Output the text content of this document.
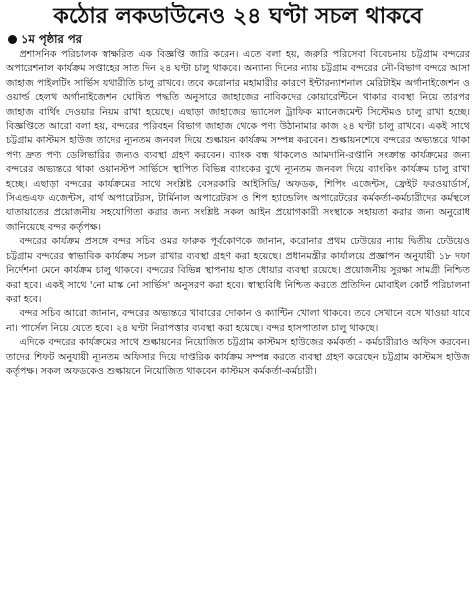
কঠোর লকডাউনেও ২৪ ঘণ্টা সচল থাকবে
১ম পৃষ্ঠার পর

প্রশাসনিক পরিচালক স্বাক্ষরিত এক বিজ্ঞপ্তি জারি করেন। এতে বলা হয়, জরুরি পরিসেবা বিবেচনায় চট্টগ্রাম বন্দরের অপারেশনাল কার্যক্রম সপ্তাহের সাত দিন ২৪ ঘণ্টা চালু থাকবে। অন্যান্য দিনের ন্যায় চট্টগ্রাম বন্দরের নৌ-বিভাগ বন্দরে আসা জাহাজ পাইলটিং সার্ভিস যথারীতি চালু রাখবে। তবে করোনার মহামারীর কারণে ইন্টারন্যাশনাল মেরিটাইম অর্গানাইজেশন ও ওয়ার্ল্ড হেলথ অর্গানাইজেশন ঘোষিত পদ্ধতি অনুসারে জাহাজের নাবিকদের কোয়ারেন্টিনে থাকার ব্যবস্থা নিয়ে তারপর জাহাজ বার্থিং দেওয়ার নিয়ম রাখা হয়েছে। এছাড়া জাহাজের ভ্যাসেল ট্রাফিক ম্যানেজমেন্ট সিস্টেমও চালু রাখা হচ্ছে। বিজ্ঞপ্তিতে আরো বলা হয়, বন্দরের পরিবহন বিভাগ জাহাজ থেকে পণ্য উঠানামার কাজ ২৪ ঘণ্টা চালু রাখবে। একই সাথে চট্টগ্রাম কাস্টমস হাউজ তাদের ন্যূনতম জনবল দিয়ে শুল্কায়ন কার্যক্রম সম্পন্ন করবেন। শুল্কায়নশেষে বন্দরের অভ্যন্তরে থাকা পণ্য দ্রুত পণ্য ডেলিভারির জন্যও ব্যবস্থা গ্রহণ করবেন। ব্যাংক বন্ধ থাকলেও আমদানি-রপ্তানি সংক্রান্ত কার্যক্রমের জন্য বন্দরের অভ্যন্তরে থাকা ওয়ানস্টপ সার্ভিসে স্থাপিত বিভিন্ন ব্যাংকের বুথে ন্যূনতম জনবল দিয়ে ব্যাংকিং কার্যক্রম চালু রাখা হচ্ছে। এছাড়া বন্দরের কার্যক্রমের সাথে সংশ্লিষ্ট বেসরকারি আইসিডি/ অফডক, শিপিং এজেন্টস, ফ্রেইট ফরওয়ার্ডার্স, সিএন্ডএফ এজেন্টস, বার্থ অপারেটরস, টার্মিনাল অপারেটরস ও শিপ হ্যান্ডেলিং অপারেটরের কর্মকর্তা-কর্মচারীদের কর্মস্থলে যাতায়াতের প্রয়োজনীয় সহযোগিতা করার জন্য সংশ্লিষ্ট সকল আইন প্রয়োগকারী সংস্থাকে সহায়তা করার জন্য অনুরোধ জানিয়েছে বন্দর কর্তৃপক্ষ।

বন্দরের কার্যক্রম প্রসঙ্গে বন্দর সচিব ওমর ফারুক পূর্বকোণকে জানান, করোনার প্রথম ঢেউয়ের ন্যায় দ্বিতীয় ঢেউয়েও চট্টগ্রাম বন্দরের স্বাভাবিক কার্যক্রম সচল রাখার ব্যবস্থা গ্রহণ করা হয়েছে। প্রধানমন্ত্রীর কার্যালয়ে প্রজ্ঞাপন অনুযায়ী ১৮ দফা নির্দেশনা মেনে কার্যক্রম চালু থাকবে। বন্দরের বিভিন্ন স্থাপনায় হাত ধোয়ার ব্যবস্থা রয়েছে। প্রয়োজনীয় সুরক্ষা সামগ্রী নিশ্চিত করা হবে। একই সাথে 'নো মাস্ক নো সার্ভিস' অনুসরণ করা হবে। স্বাস্থ্যবিধি নিশ্চিত করতে প্রতিদিন মোবাইল কোর্ট পরিচালনা করা হবে।

বন্দর সচিব আরো জানান, বন্দরের অভ্যন্তরে খাবারের দোকান ও ক্যান্টিন খোলা থাকবে। তবে সেখানে বসে খাওয়া যাবে না। পার্সেল নিয়ে যেতে হবে। ২৪ ঘণ্টা নিরাপত্তার ব্যবস্থা করা হয়েছে। বন্দর হাসপাতাল চালু থাকছে।

এদিকে বন্দরের কার্যক্রমের সাথে শুল্কায়নের নিয়োজিত চট্টগ্রাম কাস্টমস হাউজের কর্মকর্তা - কর্মচারীরাও অফিস করবেন। তাদের শিফট অনুযায়ী ন্যূনতম অফিসার দিয়ে দাপ্তরিক কার্যক্রম সম্পন্ন করতে ব্যবস্থা গ্রহণ করেছেন চট্টগ্রাম কাস্টমস হাউজ কর্তৃপক্ষ। সকল অফডকেও শুল্কায়নে নিয়োজিত থাকবেন কাস্টমস কর্মকর্তা-কর্মচারী।
